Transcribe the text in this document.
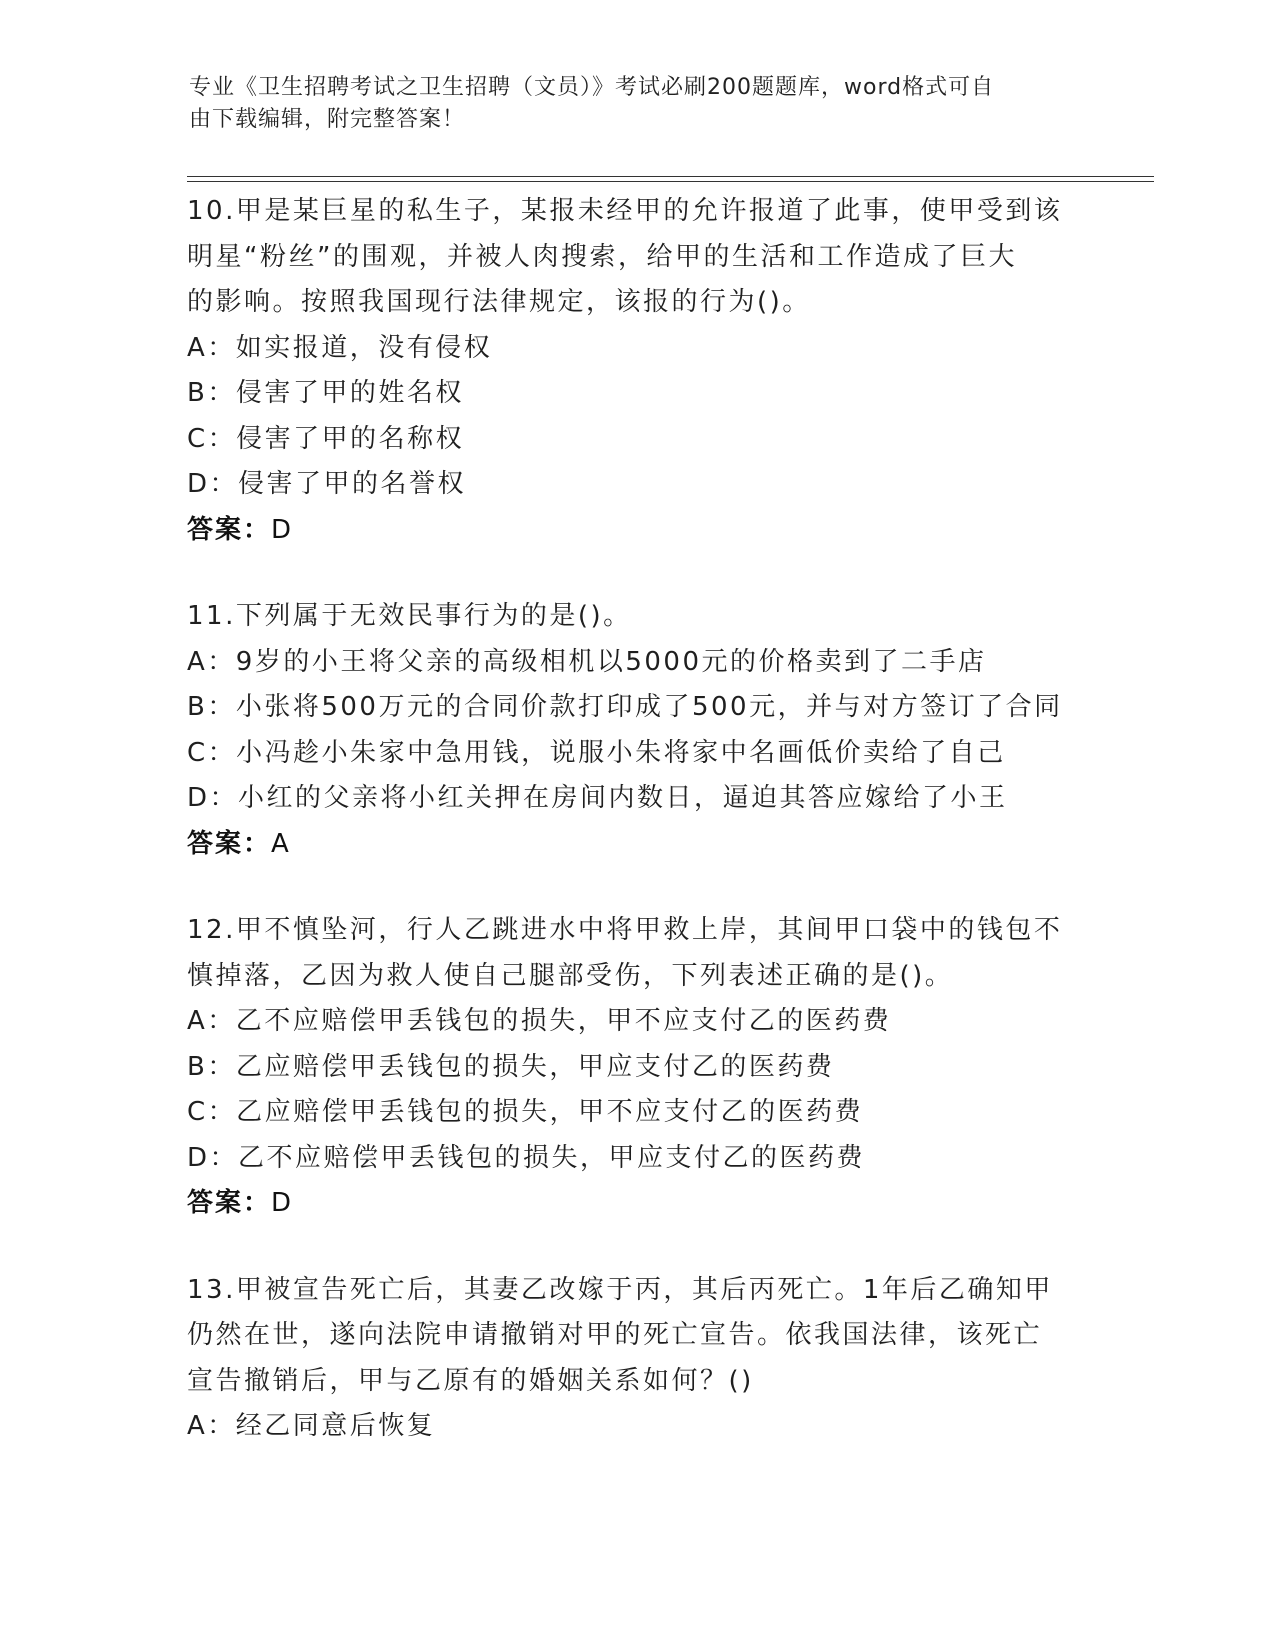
专业《卫生招聘考试之卫生招聘（文员）》考试必刷200题题库，word格式可自
由下载编辑，附完整答案！
10.甲是某巨星的私生子，某报未经甲的允许报道了此事，使甲受到该
明星“粉丝”的围观，并被人肉搜索，给甲的生活和工作造成了巨大
的影响。按照我国现行法律规定，该报的行为()。
A：如实报道，没有侵权
B：侵害了甲的姓名权
C：侵害了甲的名称权
D：侵害了甲的名誉权
答案：D
11.下列属于无效民事行为的是()。
A：9岁的小王将父亲的高级相机以5000元的价格卖到了二手店
B：小张将500万元的合同价款打印成了500元，并与对方签订了合同
C：小冯趁小朱家中急用钱，说服小朱将家中名画低价卖给了自己
D：小红的父亲将小红关押在房间内数日，逼迫其答应嫁给了小王
答案：A
12.甲不慎坠河，行人乙跳进水中将甲救上岸，其间甲口袋中的钱包不
慎掉落，乙因为救人使自己腿部受伤，下列表述正确的是()。
A：乙不应赔偿甲丢钱包的损失，甲不应支付乙的医药费
B：乙应赔偿甲丢钱包的损失，甲应支付乙的医药费
C：乙应赔偿甲丢钱包的损失，甲不应支付乙的医药费
D：乙不应赔偿甲丢钱包的损失，甲应支付乙的医药费
答案：D
13.甲被宣告死亡后，其妻乙改嫁于丙，其后丙死亡。1年后乙确知甲
仍然在世，遂向法院申请撤销对甲的死亡宣告。依我国法律，该死亡
宣告撤销后，甲与乙原有的婚姻关系如何？()
A：经乙同意后恢复
